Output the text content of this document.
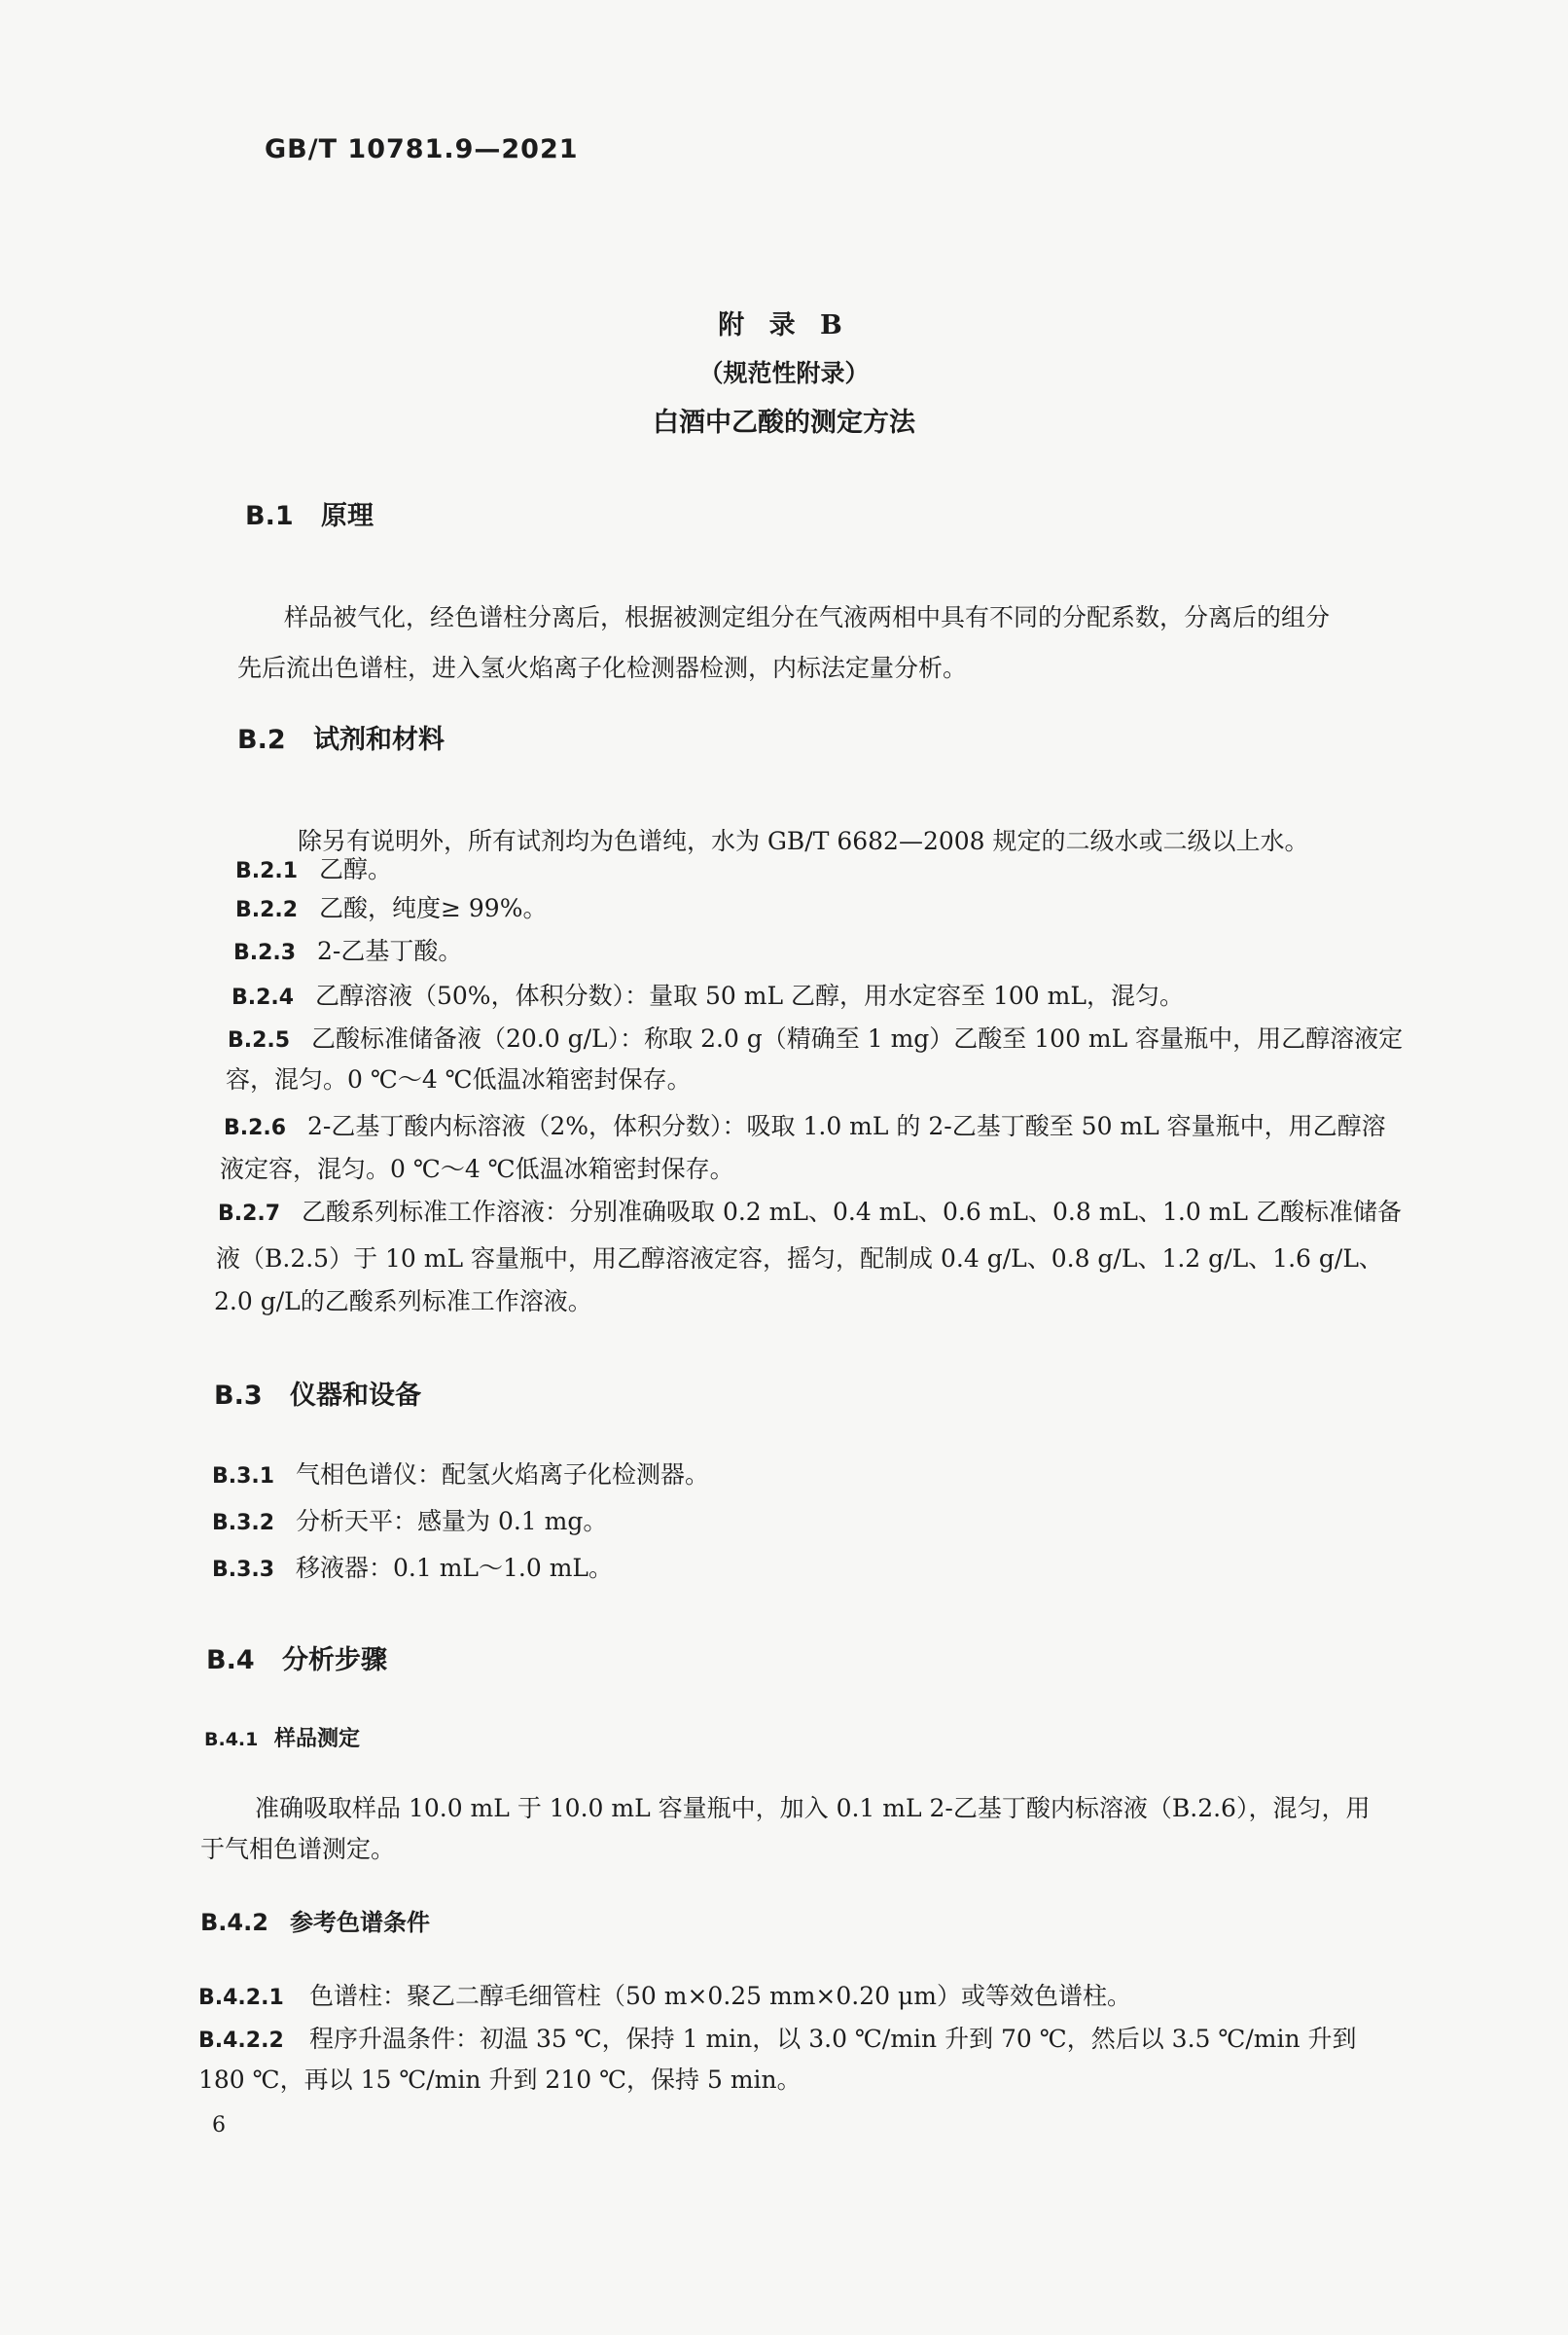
GB/T 10781.9—2021
附 录 B
（规范性附录）
白酒中乙酸的测定方法
B.1 原理
样品被气化，经色谱柱分离后，根据被测定组分在气液两相中具有不同的分配系数，分离后的组分
先后流出色谱柱，进入氢火焰离子化检测器检测，内标法定量分析。
B.2 试剂和材料
除另有说明外，所有试剂均为色谱纯，水为 GB/T 6682—2008 规定的二级水或二级以上水。
B.2.1 乙醇。
B.2.2 乙酸，纯度≥ 99%。
B.2.3 2-乙基丁酸。
B.2.4 乙醇溶液（50%，体积分数）：量取 50 mL 乙醇，用水定容至 100 mL，混匀。
B.2.5 乙酸标准储备液（20.0 g/L）：称取 2.0 g（精确至 1 mg）乙酸至 100 mL 容量瓶中，用乙醇溶液定
容，混匀。0 ℃～4 ℃低温冰箱密封保存。
B.2.6 2-乙基丁酸内标溶液（2%，体积分数）：吸取 1.0 mL 的 2-乙基丁酸至 50 mL 容量瓶中，用乙醇溶
液定容，混匀。0 ℃～4 ℃低温冰箱密封保存。
B.2.7 乙酸系列标准工作溶液：分别准确吸取 0.2 mL、0.4 mL、0.6 mL、0.8 mL、1.0 mL 乙酸标准储备
液（B.2.5）于 10 mL 容量瓶中，用乙醇溶液定容，摇匀，配制成 0.4 g/L、0.8 g/L、1.2 g/L、1.6 g/L、
2.0 g/L的乙酸系列标准工作溶液。
B.3 仪器和设备
B.3.1 气相色谱仪：配氢火焰离子化检测器。
B.3.2 分析天平：感量为 0.1 mg。
B.3.3 移液器：0.1 mL～1.0 mL。
B.4 分析步骤
B.4.1 样品测定
准确吸取样品 10.0 mL 于 10.0 mL 容量瓶中，加入 0.1 mL 2-乙基丁酸内标溶液（B.2.6），混匀，用
于气相色谱测定。
B.4.2 参考色谱条件
B.4.2.1 色谱柱：聚乙二醇毛细管柱（50 m×0.25 mm×0.20 μm）或等效色谱柱。
B.4.2.2 程序升温条件：初温 35 ℃，保持 1 min，以 3.0 ℃/min 升到 70 ℃，然后以 3.5 ℃/min 升到
180 ℃，再以 15 ℃/min 升到 210 ℃，保持 5 min。
6
